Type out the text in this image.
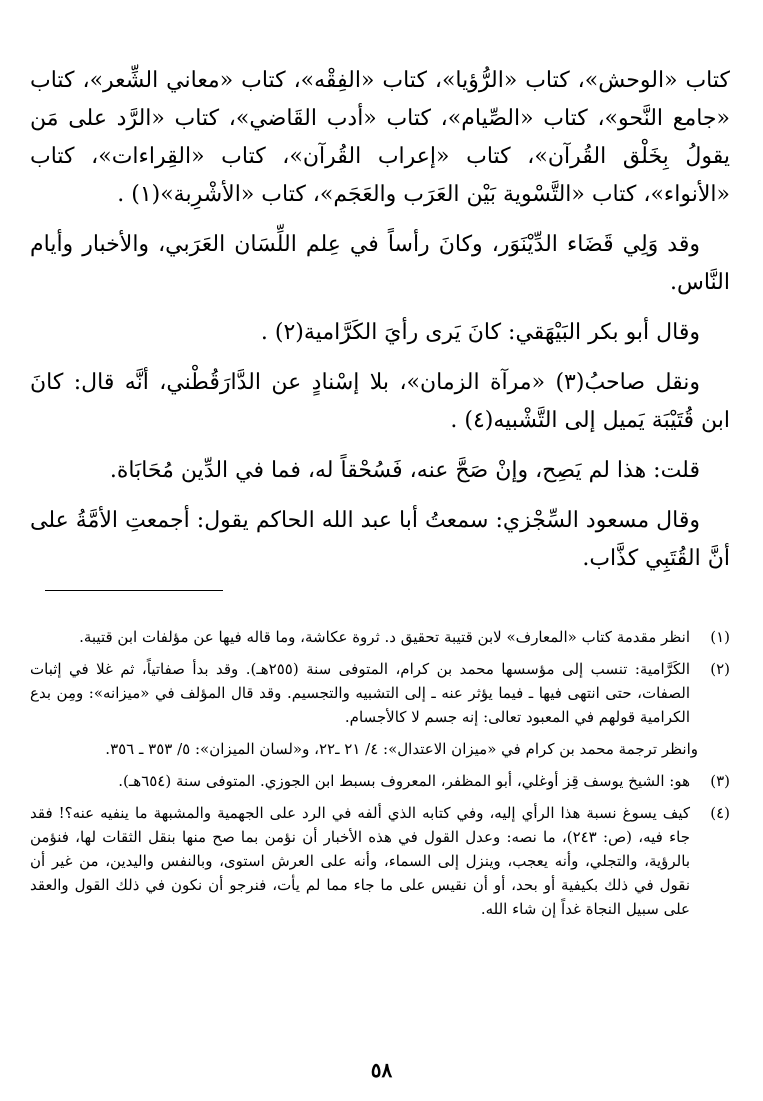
كتاب «الوحش»، كتاب «الرُّؤيا»، كتاب «الفِقْه»، كتاب «معاني الشِّعر»، كتاب «جامع النَّحو»، كتاب «الصِّيام»، كتاب «أدب القَاضي»، كتاب «الرَّد على مَن يقولُ بِخَلْق القُرآن»، كتاب «إعراب القُرآن»، كتاب «القِراءات»، كتاب «الأنواء»، كتاب «التَّسْوية بَيْن العَرَب والعَجَم»، كتاب «الأشْرِبة»(١) .

وقد وَلِي قَضَاء الدِّيْنَوَر، وكانَ رأساً في عِلم اللِّسَان العَرَبي، والأخبار وأيام النَّاس.

وقال أبو بكر البَيْهَقي: كانَ يَرى رأيَ الكَرَّامية(٢) .

ونقل صاحبُ(٣) «مرآة الزمان»، بلا إسْنادٍ عن الدَّارَقُطْني، أنَّه قال: كانَ ابن قُتَيْبَة يَميل إلى التَّشْبيه(٤) .

قلت: هذا لم يَصِح، وإنْ صَحَّ عنه، فَسُحْقاً له، فما في الدِّين مُحَابَاة.

وقال مسعود السِّجْزي: سمعتُ أبا عبد الله الحاكم يقول: أجمعتِ الأمَّةُ على أنَّ القُتَبِي كذَّاب.

(١)
انظر مقدمة كتاب «المعارف» لابن قتيبة تحقيق د. ثروة عكاشة، وما قاله فيها عن مؤلفات ابن قتيبة.
(٢)
الكَرَّامية: تنسب إلى مؤسسها محمد بن كرام، المتوفى سنة (٢٥٥هـ). وقد بدأ صفاتياً، ثم غلا في إثبات الصفات، حتى انتهى فيها ـ فيما يؤثر عنه ـ إلى التشبيه والتجسيم. وقد قال المؤلف في «ميزانه»: ومِن بدع الكرامية قولهم في المعبود تعالى: إنه جسم لا كالأجسام.

وانظر ترجمة محمد بن كرام في «ميزان الاعتدال»: ٤/ ٢١ ـ٢٢، و«لسان الميزان»: ٥/ ٣٥٣ ـ ٣٥٦.

(٣)
هو: الشيخ يوسف قِز أوغلي، أبو المظفر، المعروف بسبط ابن الجوزي. المتوفى سنة (٦٥٤هـ).
(٤)
كيف يسوغ نسبة هذا الرأي إليه، وفي كتابه الذي ألفه في الرد على الجهمية والمشبهة ما ينفيه عنه؟! فقد جاء فيه، (ص: ٢٤٣)، ما نصه: وعدل القول في هذه الأخبار أن نؤمن بما صح منها بنقل الثقات لها، فنؤمن بالرؤية، والتجلي، وأنه يعجب، وينزل إلى السماء، وأنه على العرش استوى، وبالنفس واليدين، من غير أن نقول في ذلك بكيفية أو بحد، أو أن نقيس على ما جاء مما لم يأت، فنرجو أن نكون في ذلك القول والعقد على سبيل النجاة غداً إن شاء الله.
٥٨
